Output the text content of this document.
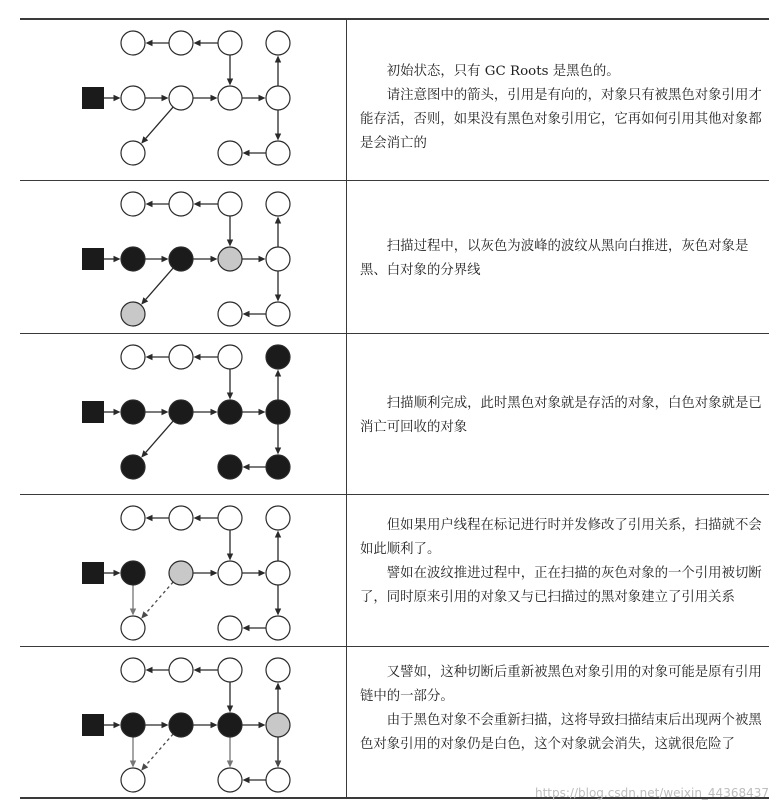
初始状态，只有 GC Roots 是黑色的。

请注意图中的箭头，引用是有向的，对象只有被黑色对象引用才能存活，否则，如果没有黑色对象引用它，它再如何引用其他对象都是会消亡的

扫描过程中，以灰色为波峰的波纹从黑向白推进，灰色对象是黑、白对象的分界线

扫描顺利完成，此时黑色对象就是存活的对象，白色对象就是已消亡可回收的对象

但如果用户线程在标记进行时并发修改了引用关系，扫描就不会如此顺利了。

譬如在波纹推进过程中，正在扫描的灰色对象的一个引用被切断了，同时原来引用的对象又与已扫描过的黑对象建立了引用关系

又譬如，这种切断后重新被黑色对象引用的对象可能是原有引用链中的一部分。

由于黑色对象不会重新扫描，这将导致扫描结束后出现两个被黑色对象引用的对象仍是白色，这个对象就会消失，这就很危险了

https://blog.csdn.net/weixin_44368437
